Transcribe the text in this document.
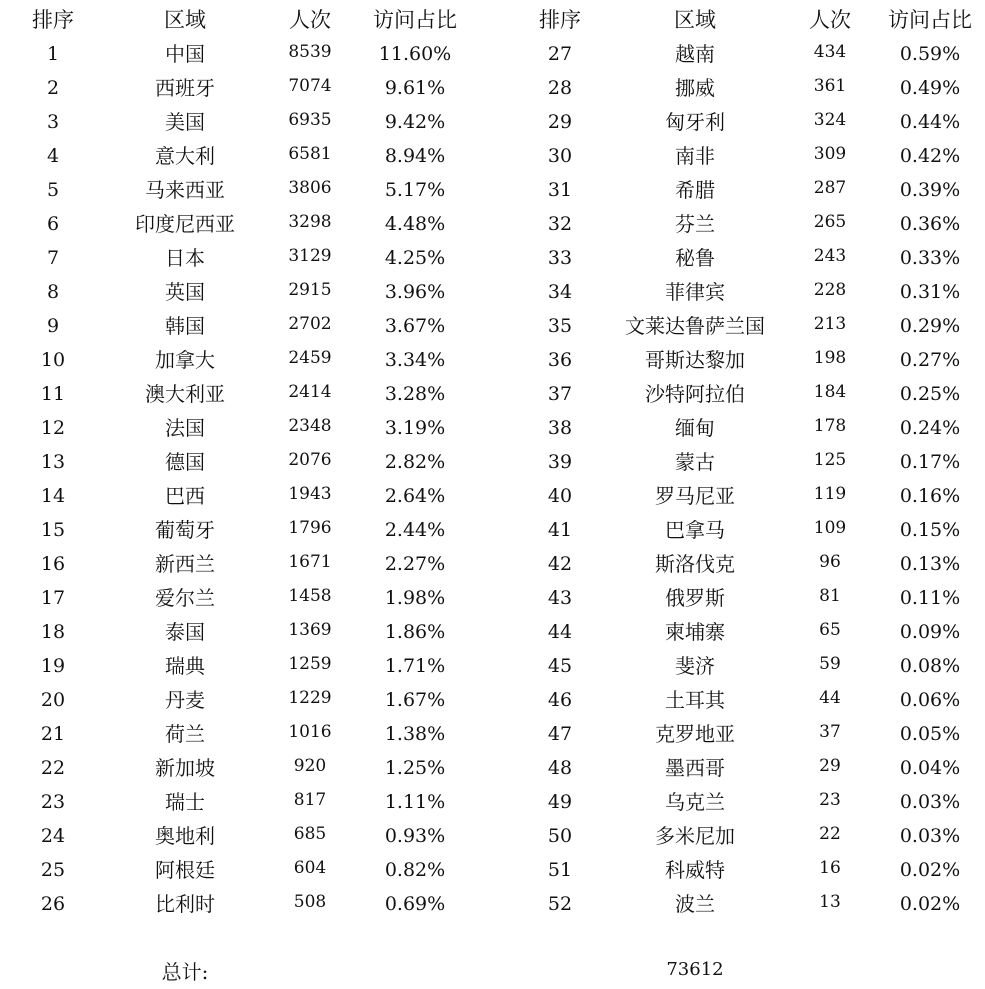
排序	区域	人次	访问占比	排序	区域	人次	访问占比
1	中国	8539	11.60%	27	越南	434	0.59%
2	西班牙	7074	9.61%	28	挪威	361	0.49%
3	美国	6935	9.42%	29	匈牙利	324	0.44%
4	意大利	6581	8.94%	30	南非	309	0.42%
5	马来西亚	3806	5.17%	31	希腊	287	0.39%
6	印度尼西亚	3298	4.48%	32	芬兰	265	0.36%
7	日本	3129	4.25%	33	秘鲁	243	0.33%
8	英国	2915	3.96%	34	菲律宾	228	0.31%
9	韩国	2702	3.67%	35	文莱达鲁萨兰国	213	0.29%
10	加拿大	2459	3.34%	36	哥斯达黎加	198	0.27%
11	澳大利亚	2414	3.28%	37	沙特阿拉伯	184	0.25%
12	法国	2348	3.19%	38	缅甸	178	0.24%
13	德国	2076	2.82%	39	蒙古	125	0.17%
14	巴西	1943	2.64%	40	罗马尼亚	119	0.16%
15	葡萄牙	1796	2.44%	41	巴拿马	109	0.15%
16	新西兰	1671	2.27%	42	斯洛伐克	96	0.13%
17	爱尔兰	1458	1.98%	43	俄罗斯	81	0.11%
18	泰国	1369	1.86%	44	柬埔寨	65	0.09%
19	瑞典	1259	1.71%	45	斐济	59	0.08%
20	丹麦	1229	1.67%	46	土耳其	44	0.06%
21	荷兰	1016	1.38%	47	克罗地亚	37	0.05%
22	新加坡	920	1.25%	48	墨西哥	29	0.04%
23	瑞士	817	1.11%	49	乌克兰	23	0.03%
24	奥地利	685	0.93%	50	多米尼加	22	0.03%
25	阿根廷	604	0.82%	51	科威特	16	0.02%
26	比利时	508	0.69%	52	波兰	13	0.02%
总计:	73612
